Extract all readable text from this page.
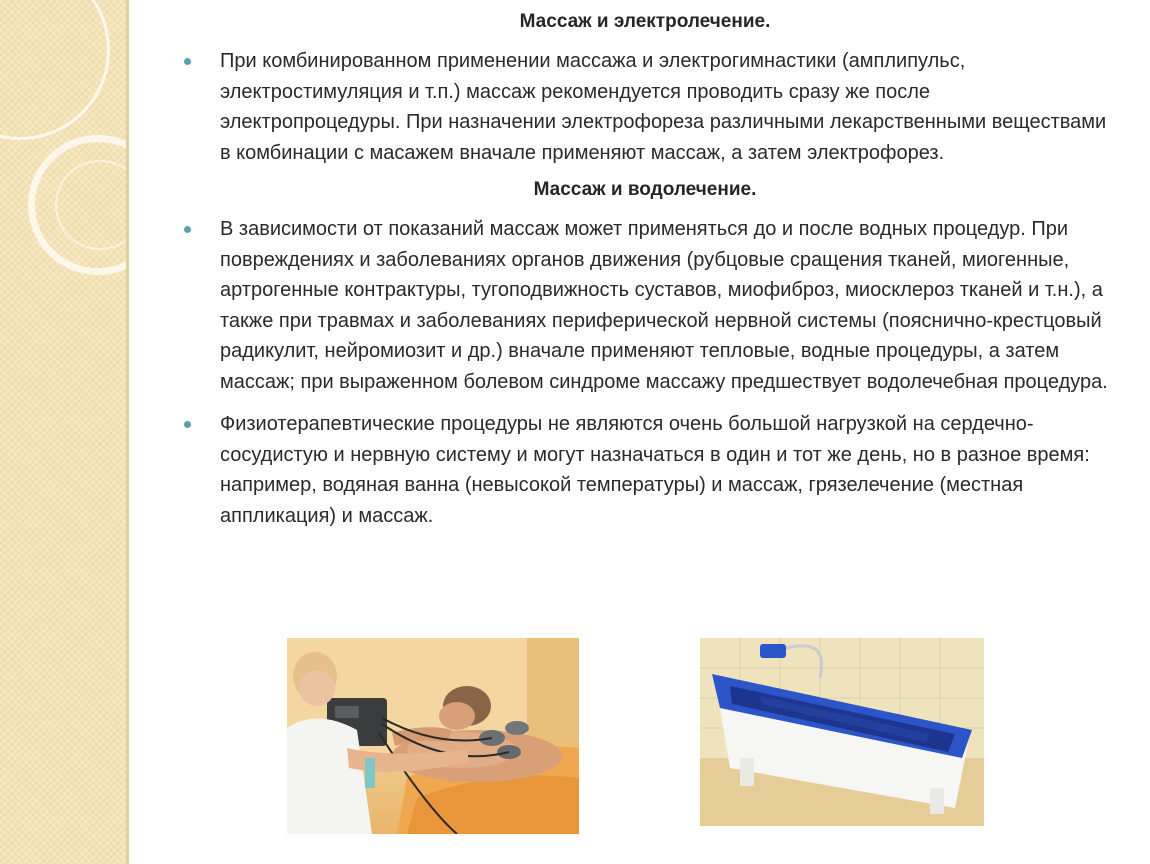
Массаж и электролечение.
При комбинированном применении массажа и электрогимнастики (амплипульс, электростимуляция и т.п.) массаж рекомендуется проводить сразу же после электропроцедуры. При назначении электрофореза различными лекарственными веществами в комбинации с масажем вначале применяют массаж, а затем электрофорез.
Массаж и водолечение.
В зависимости от показаний массаж может применяться до и после водных процедур. При повреждениях и заболеваниях органов движения (рубцовые сращения тканей, миогенные, артрогенные контрактуры, тугоподвижность суставов, миофиброз, миосклероз тканей и т.н.), а также при травмах и заболеваниях периферической нервной системы (пояснично-крестцовый радикулит, нейромиозит и др.) вначале применяют тепловые, водные процедуры, а затем массаж; при выраженном болевом синдроме массажу предшествует водолечебная процедура.
Физиотерапевтические процедуры не являются очень большой нагрузкой на сердечно-сосудистую и нервную систему и могут назначаться в один и тот же день, но в разное время: например, водяная ванна (невысокой температуры) и массаж, грязелечение (местная аппликация) и массаж.
